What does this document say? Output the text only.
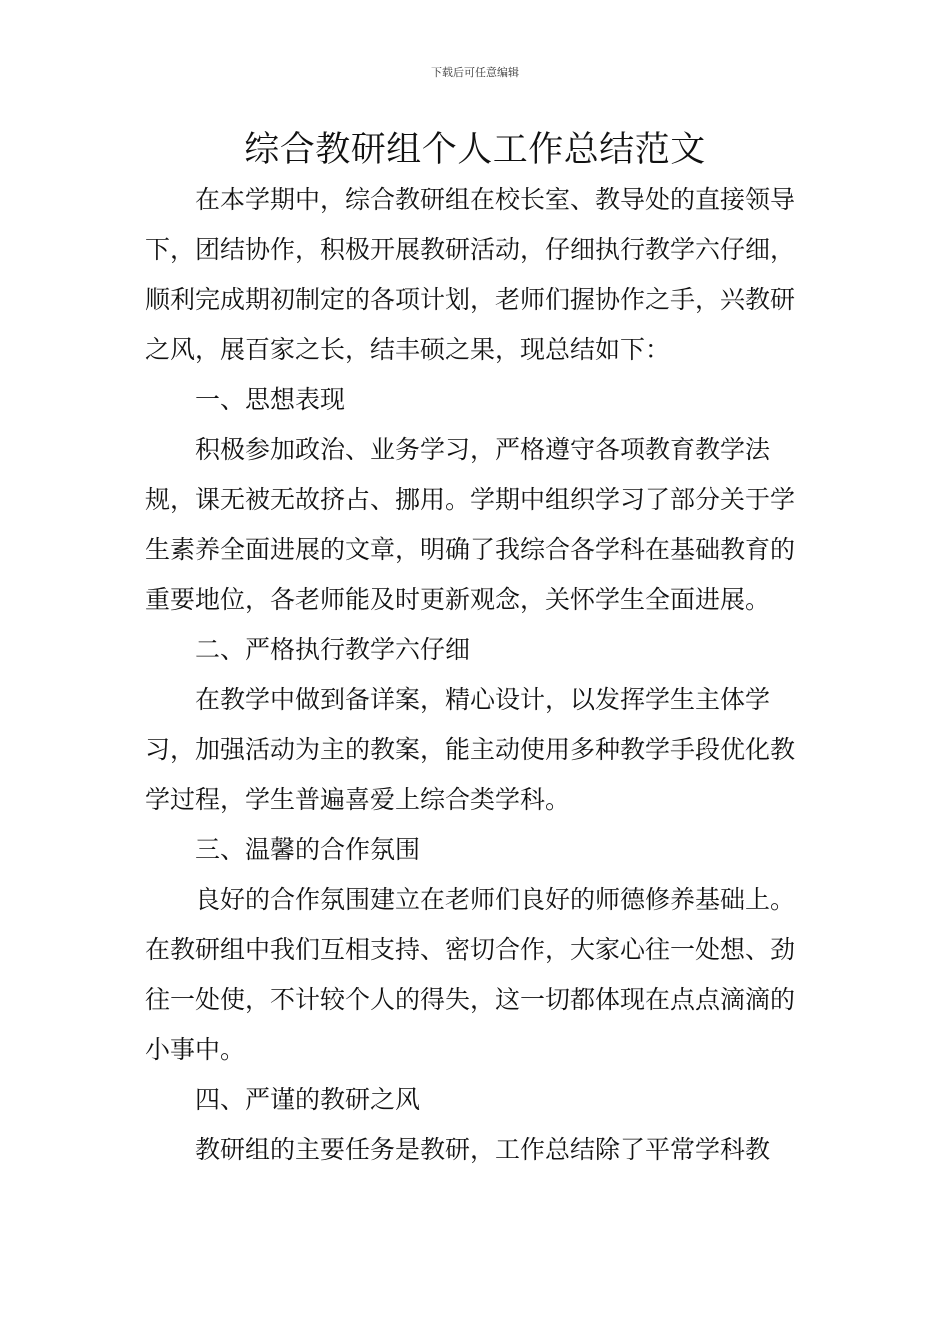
下载后可任意编辑
综合教研组个人工作总结范文

在本学期中，综合教研组在校长室、教导处的直接领导下，团结协作，积极开展教研活动，仔细执行教学六仔细，顺利完成期初制定的各项计划，老师们握协作之手，兴教研之风，展百家之长，结丰硕之果，现总结如下：

一、思想表现

积极参加政治、业务学习，严格遵守各项教育教学法规，课无被无故挤占、挪用。学期中组织学习了部分关于学生素养全面进展的文章，明确了我综合各学科在基础教育的重要地位，各老师能及时更新观念，关怀学生全面进展。

二、严格执行教学六仔细

在教学中做到备详案，精心设计，以发挥学生主体学习，加强活动为主的教案，能主动使用多种教学手段优化教学过程，学生普遍喜爱上综合类学科。

三、温馨的合作氛围

良好的合作氛围建立在老师们良好的师德修养基础上。在教研组中我们互相支持、密切合作，大家心往一处想、劲往一处使，不计较个人的得失，这一切都体现在点点滴滴的小事中。

四、严谨的教研之风

教研组的主要任务是教研，工作总结除了平常学科教
